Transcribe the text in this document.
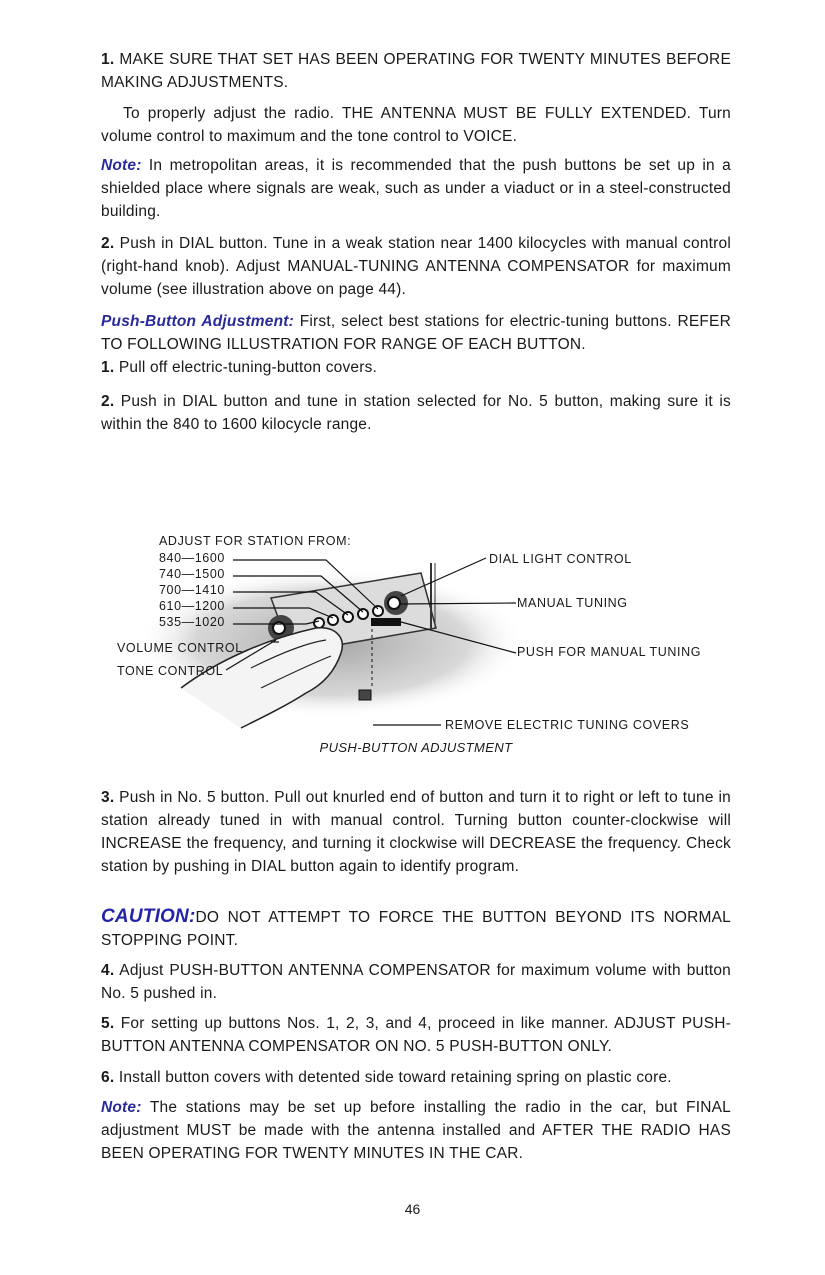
1. MAKE SURE THAT SET HAS BEEN OPERATING FOR TWENTY MINUTES BEFORE MAKING ADJUSTMENTS.

To properly adjust the radio. THE ANTENNA MUST BE FULLY EXTENDED. Turn volume control to maximum and the tone control to VOICE.

Note: In metropolitan areas, it is recommended that the push buttons be set up in a shielded place where signals are weak, such as under a viaduct or in a steel-constructed building.

2. Push in DIAL button. Tune in a weak station near 1400 kilocycles with manual control (right-hand knob). Adjust MANUAL-TUNING ANTENNA COMPENSATOR for maximum volume (see illustration above on page 44).

Push-Button Adjustment: First, select best stations for electric-tuning buttons. REFER TO FOLLOWING ILLUSTRATION FOR RANGE OF EACH BUTTON.

1. Pull off electric-tuning-button covers.

2. Push in DIAL button and tune in station selected for No. 5 button, making sure it is within the 840 to 1600 kilocycle range.

ADJUST FOR STATION FROM:
840—1600
740—1500
700—1410
610—1200
535—1020
VOLUME CONTROL
TONE CONTROL
DIAL LIGHT CONTROL
MANUAL TUNING
PUSH FOR MANUAL TUNING
REMOVE ELECTRIC TUNING COVERS
PUSH-BUTTON ADJUSTMENT

3. Push in No. 5 button. Pull out knurled end of button and turn it to right or left to tune in station already tuned in with manual control. Turning button counter-clockwise will INCREASE the frequency, and turning it clockwise will DECREASE the frequency. Check station by pushing in DIAL button again to identify program.

CAUTION:DO NOT ATTEMPT TO FORCE THE BUTTON BEYOND ITS NORMAL STOPPING POINT.

4. Adjust PUSH-BUTTON ANTENNA COMPENSATOR for maximum volume with button No. 5 pushed in.

5. For setting up buttons Nos. 1, 2, 3, and 4, proceed in like manner. ADJUST PUSH-BUTTON ANTENNA COMPENSATOR ON NO. 5 PUSH-BUTTON ONLY.

6. Install button covers with detented side toward retaining spring on plastic core.

Note: The stations may be set up before installing the radio in the car, but FINAL adjustment MUST be made with the antenna installed and AFTER THE RADIO HAS BEEN OPERATING FOR TWENTY MINUTES IN THE CAR.

46
